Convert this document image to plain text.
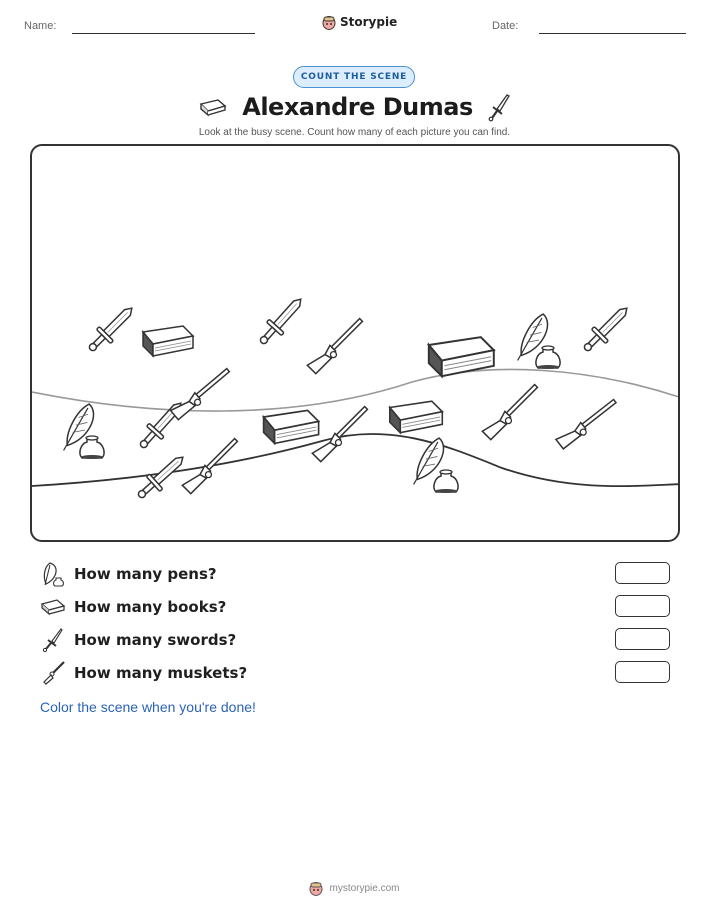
Name:	Storypie	Date:
COUNT THE SCENE
Alexandre Dumas
Look at the busy scene. Count how many of each picture you can find.
How many pens?
How many books?
How many swords?
How many muskets?
Color the scene when you're done!
mystorypie.com
